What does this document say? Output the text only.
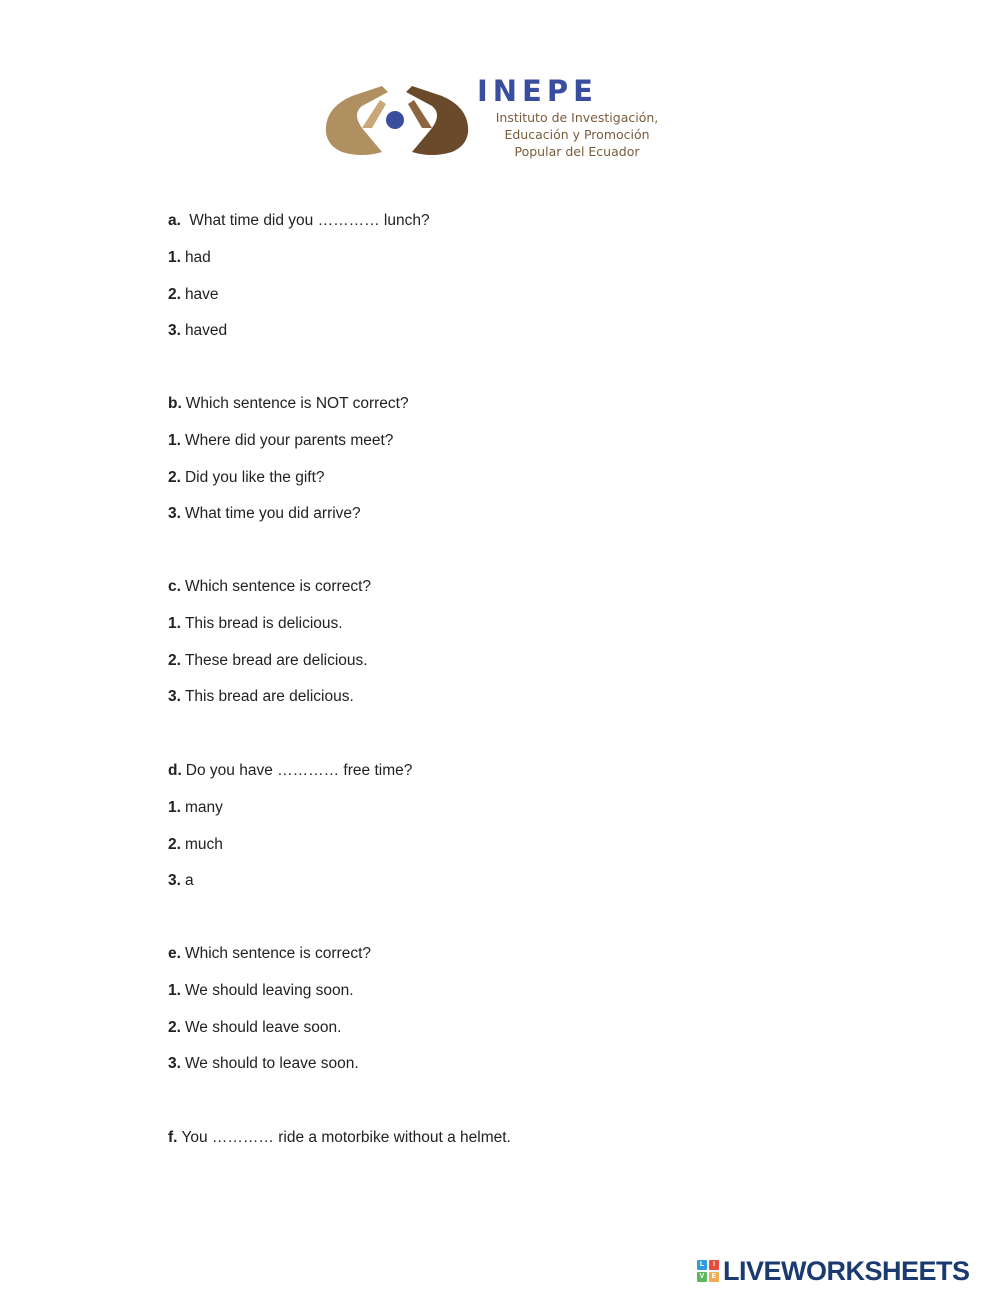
INEPE
Instituto de Investigación,
Educación y Promoción
Popular del Ecuador
a. What time did you ………… lunch?
1. had
2. have
3. haved
b. Which sentence is NOT correct?
1. Where did your parents meet?
2. Did you like the gift?
3. What time you did arrive?
c. Which sentence is correct?
1. This bread is delicious.
2. These bread are delicious.
3. This bread are delicious.
d. Do you have ………… free time?
1. many
2. much
3. a
e. Which sentence is correct?
1. We should leaving soon.
2. We should leave soon.
3. We should to leave soon.
f. You ………… ride a motorbike without a helmet.
L	I
V	E LIVEWORKSHEETS
